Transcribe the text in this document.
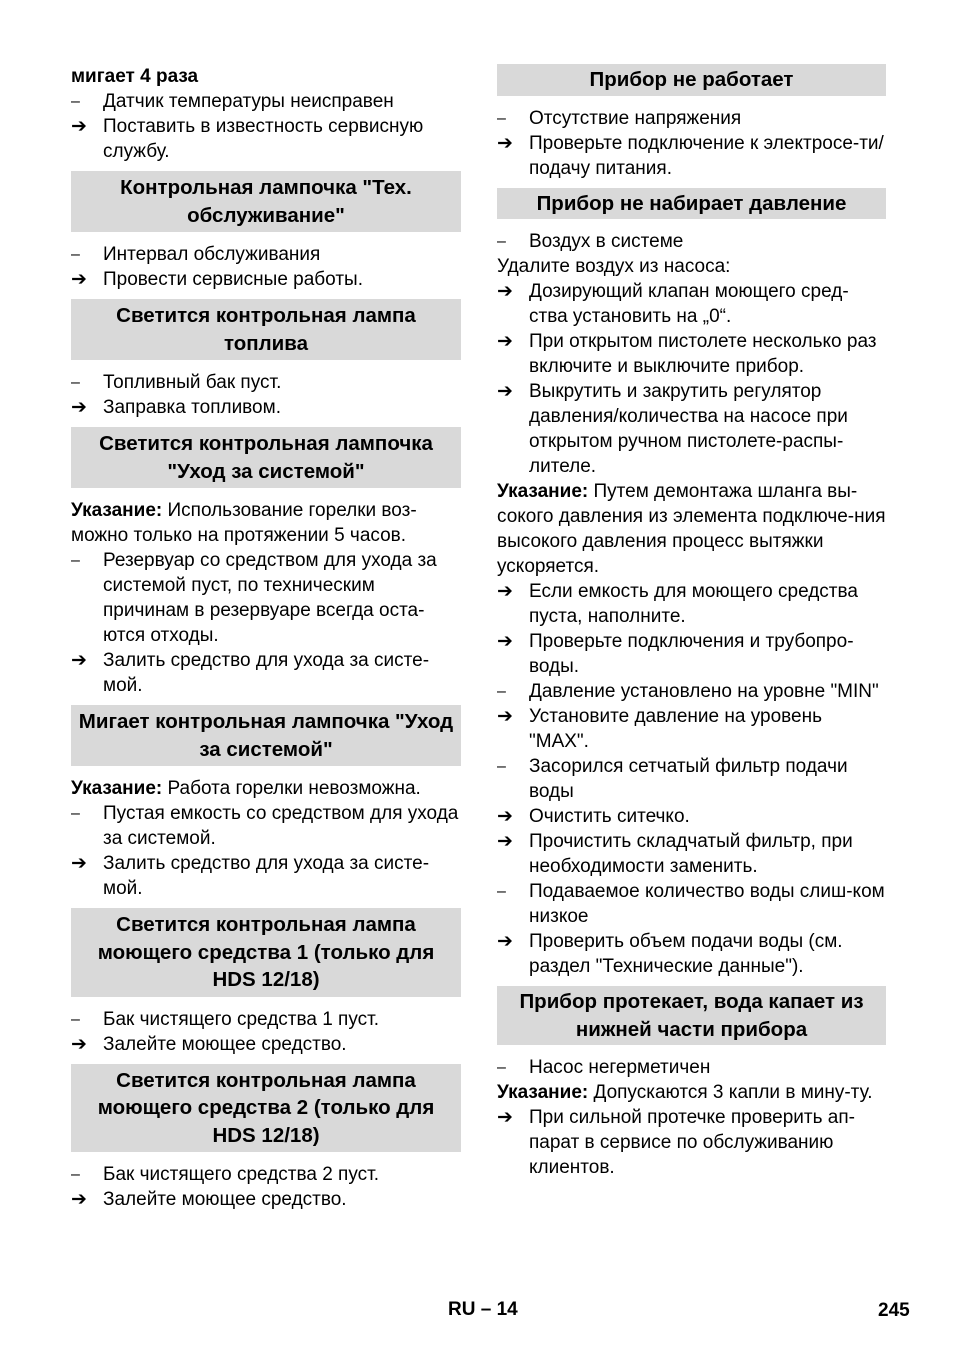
мигает 4 раза

–	Датчик температуры неисправен
➔ Поставить в известность сервисную службу.
Контрольная лампочка "Тех. обслуживание"
–	Интервал обслуживания
➔ Провести сервисные работы.
Светится контрольная лампа топлива
–	Топливный бак пуст.
➔ Заправка топливом.
Светится контрольная лампочка "Уход за системой"

Указание: Использование горелки воз-можно только на протяжении 5 часов.

–	Резервуар со средством для ухода за системой пуст, по техническим причинам в резервуаре всегда оста-ются отходы.
➔ Залить средство для ухода за систе-мой.
Мигает контрольная лампочка "Уход за системой"

Указание: Работа горелки невозможна.

–	Пустая емкость со средством для ухода за системой.
➔ Залить средство для ухода за систе-мой.
Светится контрольная лампа моющего средства 1 (только для HDS 12/18)
–	Бак чистящего средства 1 пуст.
➔ Залейте моющее средство.
Светится контрольная лампа моющего средства 2 (только для HDS 12/18)
–	Бак чистящего средства 2 пуст.
➔ Залейте моющее средство.
Прибор не работает
–	Отсутствие напряжения
➔ Проверьте подключение к электросе-ти/подачу питания.
Прибор не набирает давление
–	Воздух в системе

Удалите воздух из насоса:

➔ Дозирующий клапан моющего сред-ства установить на „0“.
➔ При открытом пистолете несколько раз включите и выключите прибор.
➔ Выкрутить и закрутить регулятор давления/количества на насосе при открытом ручном пистолете-распы-лителе.

Указание: Путем демонтажа шланга вы-сокого давления из элемента подключе-ния высокого давления процесс вытяжки ускоряется.

➔ Если емкость для моющего средства пуста, наполните.
➔ Проверьте подключения и трубопро-воды.
–	Давление установлено на уровне "MIN"
➔ Установите давление на уровень "MAX".
–	Засорился сетчатый фильтр подачи воды
➔ Очистить ситечко.
➔ Прочистить складчатый фильтр, при необходимости заменить.
–	Подаваемое количество воды слиш-ком низкое
➔ Проверить объем подачи воды (см. раздел "Технические данные").
Прибор протекает, вода капает из нижней части прибора
–	Насос негерметичен

Указание: Допускаются 3 капли в мину-ту.

➔ При сильной протечке проверить ап-парат в сервисе по обслуживанию клиентов.
RU – 14	245
